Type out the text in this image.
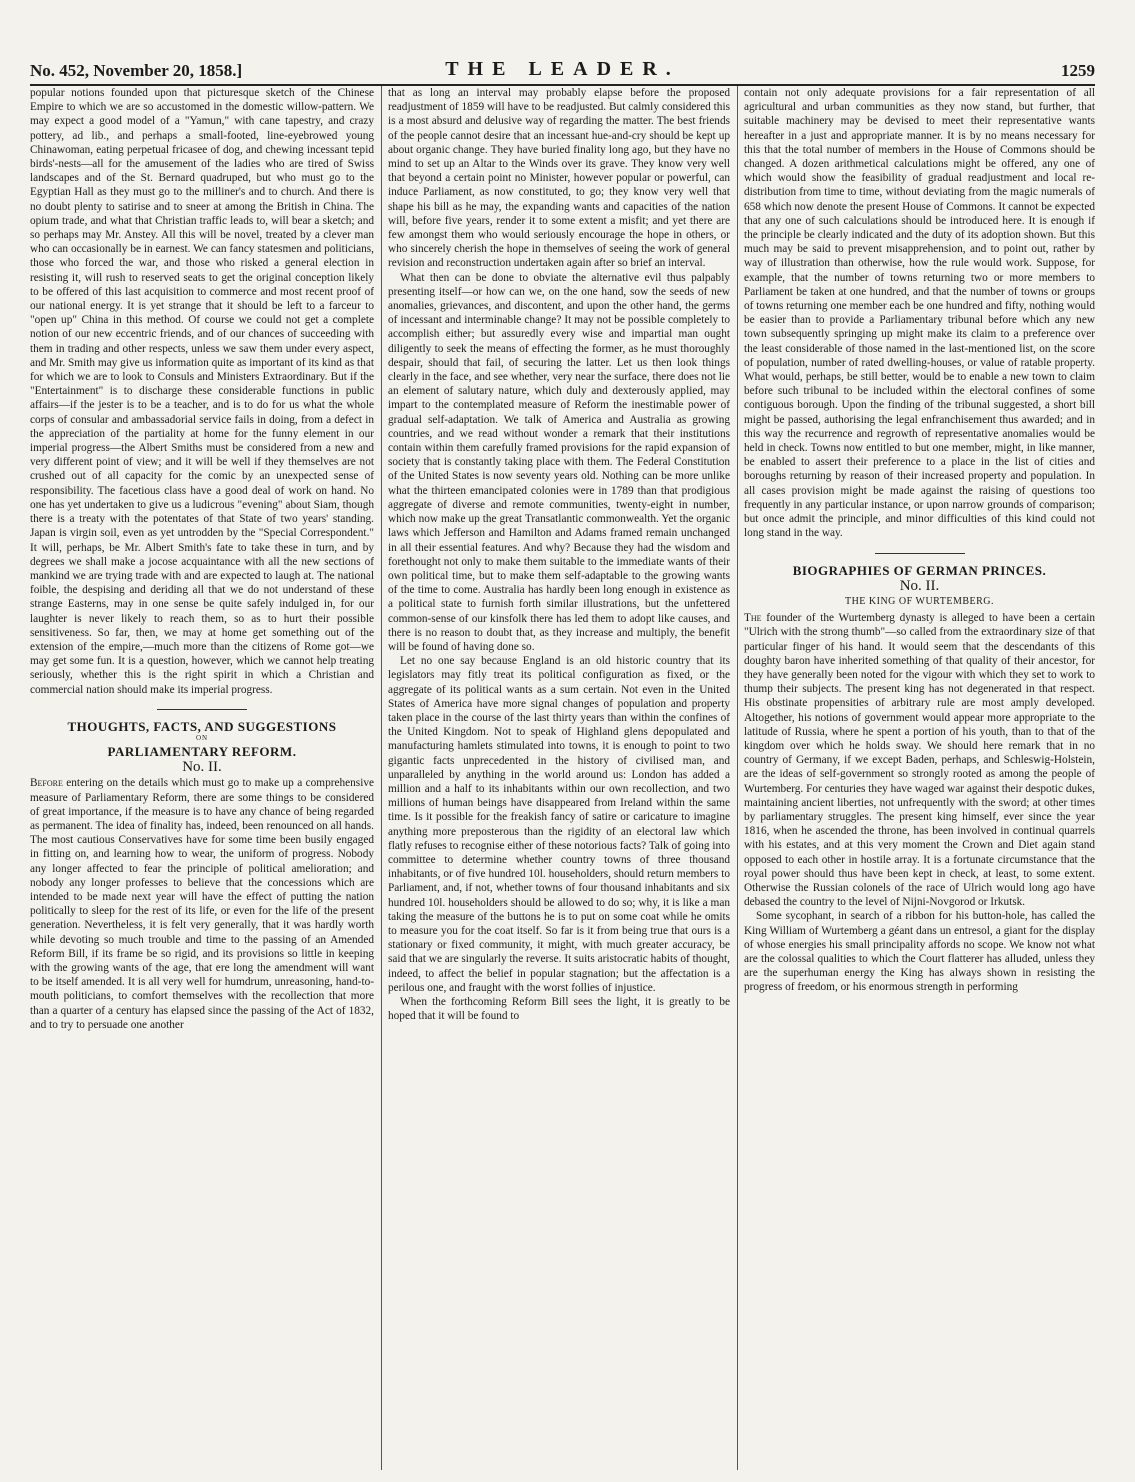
No. 452, November 20, 1858.]	THE LEADER.	1259

popular notions founded upon that picturesque sketch of the Chinese Empire to which we are so accustomed in the domestic willow-pattern. We may expect a good model of a "Yamun," with cane tapestry, and crazy pottery, ad lib., and perhaps a small-footed, line-eyebrowed young Chinawoman, eating perpetual fricasee of dog, and chewing incessant tepid birds'-nests—all for the amusement of the ladies who are tired of Swiss landscapes and of the St. Bernard quadruped, but who must go to the Egyptian Hall as they must go to the milliner's and to church. And there is no doubt plenty to satirise and to sneer at among the British in China. The opium trade, and what that Christian traffic leads to, will bear a sketch; and so perhaps may Mr. Anstey. All this will be novel, treated by a clever man who can occasionally be in earnest. We can fancy statesmen and politicians, those who forced the war, and those who risked a general election in resisting it, will rush to reserved seats to get the original conception likely to be offered of this last acquisition to commerce and most recent proof of our national energy. It is yet strange that it should be left to a farceur to "open up" China in this method. Of course we could not get a complete notion of our new eccentric friends, and of our chances of succeeding with them in trading and other respects, unless we saw them under every aspect, and Mr. Smith may give us information quite as important of its kind as that for which we are to look to Consuls and Ministers Extraordinary. But if the "Entertainment" is to discharge these considerable functions in public affairs—if the jester is to be a teacher, and is to do for us what the whole corps of consular and ambassadorial service fails in doing, from a defect in the appreciation of the partiality at home for the funny element in our imperial progress—the Albert Smiths must be considered from a new and very different point of view; and it will be well if they themselves are not crushed out of all capacity for the comic by an unexpected sense of responsibility. The facetious class have a good deal of work on hand. No one has yet undertaken to give us a ludicrous "evening" about Siam, though there is a treaty with the potentates of that State of two years' standing. Japan is virgin soil, even as yet untrodden by the "Special Correspondent." It will, perhaps, be Mr. Albert Smith's fate to take these in turn, and by degrees we shall make a jocose acquaintance with all the new sections of mankind we are trying trade with and are expected to laugh at. The national foible, the despising and deriding all that we do not understand of these strange Easterns, may in one sense be quite safely indulged in, for our laughter is never likely to reach them, so as to hurt their possible sensitiveness. So far, then, we may at home get something out of the extension of the empire,—much more than the citizens of Rome got—we may get some fun. It is a question, however, which we cannot help treating seriously, whether this is the right spirit in which a Christian and commercial nation should make its imperial progress.

THOUGHTS, FACTS, AND SUGGESTIONS
ON
PARLIAMENTARY REFORM.
No. II.

Before entering on the details which must go to make up a comprehensive measure of Parliamentary Reform, there are some things to be considered of great importance, if the measure is to have any chance of being regarded as permanent. The idea of finality has, indeed, been renounced on all hands. The most cautious Conservatives have for some time been busily engaged in fitting on, and learning how to wear, the uniform of progress. Nobody any longer affected to fear the principle of political amelioration; and nobody any longer professes to believe that the concessions which are intended to be made next year will have the effect of putting the nation politically to sleep for the rest of its life, or even for the life of the present generation. Nevertheless, it is felt very generally, that it was hardly worth while devoting so much trouble and time to the passing of an Amended Reform Bill, if its frame be so rigid, and its provisions so little in keeping with the growing wants of the age, that ere long the amendment will want to be itself amended. It is all very well for humdrum, unreasoning, hand-to-mouth politicians, to comfort themselves with the recollection that more than a quarter of a century has elapsed since the passing of the Act of 1832, and to try to persuade one another

that as long an interval may probably elapse before the proposed readjustment of 1859 will have to be readjusted. But calmly considered this is a most absurd and delusive way of regarding the matter. The best friends of the people cannot desire that an incessant hue-and-cry should be kept up about organic change. They have buried finality long ago, but they have no mind to set up an Altar to the Winds over its grave. They know very well that beyond a certain point no Minister, however popular or powerful, can induce Parliament, as now constituted, to go; they know very well that shape his bill as he may, the expanding wants and capacities of the nation will, before five years, render it to some extent a misfit; and yet there are few amongst them who would seriously encourage the hope in others, or who sincerely cherish the hope in themselves of seeing the work of general revision and reconstruction undertaken again after so brief an interval.

What then can be done to obviate the alternative evil thus palpably presenting itself—or how can we, on the one hand, sow the seeds of new anomalies, grievances, and discontent, and upon the other hand, the germs of incessant and interminable change? It may not be possible completely to accomplish either; but assuredly every wise and impartial man ought diligently to seek the means of effecting the former, as he must thoroughly despair, should that fail, of securing the latter. Let us then look things clearly in the face, and see whether, very near the surface, there does not lie an element of salutary nature, which duly and dexterously applied, may impart to the contemplated measure of Reform the inestimable power of gradual self-adaptation. We talk of America and Australia as growing countries, and we read without wonder a remark that their institutions contain within them carefully framed provisions for the rapid expansion of society that is constantly taking place with them. The Federal Constitution of the United States is now seventy years old. Nothing can be more unlike what the thirteen emancipated colonies were in 1789 than that prodigious aggregate of diverse and remote communities, twenty-eight in number, which now make up the great Transatlantic commonwealth. Yet the organic laws which Jefferson and Hamilton and Adams framed remain unchanged in all their essential features. And why? Because they had the wisdom and forethought not only to make them suitable to the immediate wants of their own political time, but to make them self-adaptable to the growing wants of the time to come. Australia has hardly been long enough in existence as a political state to furnish forth similar illustrations, but the unfettered common-sense of our kinsfolk there has led them to adopt like causes, and there is no reason to doubt that, as they increase and multiply, the benefit will be found of having done so.

Let no one say because England is an old historic country that its legislators may fitly treat its political configuration as fixed, or the aggregate of its political wants as a sum certain. Not even in the United States of America have more signal changes of population and property taken place in the course of the last thirty years than within the confines of the United Kingdom. Not to speak of Highland glens depopulated and manufacturing hamlets stimulated into towns, it is enough to point to two gigantic facts unprecedented in the history of civilised man, and unparalleled by anything in the world around us: London has added a million and a half to its inhabitants within our own recollection, and two millions of human beings have disappeared from Ireland within the same time. Is it possible for the freakish fancy of satire or caricature to imagine anything more preposterous than the rigidity of an electoral law which flatly refuses to recognise either of these notorious facts? Talk of going into committee to determine whether country towns of three thousand inhabitants, or of five hundred 10l. householders, should return members to Parliament, and, if not, whether towns of four thousand inhabitants and six hundred 10l. householders should be allowed to do so; why, it is like a man taking the measure of the buttons he is to put on some coat while he omits to measure you for the coat itself. So far is it from being true that ours is a stationary or fixed community, it might, with much greater accuracy, be said that we are singularly the reverse. It suits aristocratic habits of thought, indeed, to affect the belief in popular stagnation; but the affectation is a perilous one, and fraught with the worst follies of injustice.

When the forthcoming Reform Bill sees the light, it is greatly to be hoped that it will be found to

contain not only adequate provisions for a fair representation of all agricultural and urban communities as they now stand, but further, that suitable machinery may be devised to meet their representative wants hereafter in a just and appropriate manner. It is by no means necessary for this that the total number of members in the House of Commons should be changed. A dozen arithmetical calculations might be offered, any one of which would show the feasibility of gradual readjustment and local re-distribution from time to time, without deviating from the magic numerals of 658 which now denote the present House of Commons. It cannot be expected that any one of such calculations should be introduced here. It is enough if the principle be clearly indicated and the duty of its adoption shown. But this much may be said to prevent misapprehension, and to point out, rather by way of illustration than otherwise, how the rule would work. Suppose, for example, that the number of towns returning two or more members to Parliament be taken at one hundred, and that the number of towns or groups of towns returning one member each be one hundred and fifty, nothing would be easier than to provide a Parliamentary tribunal before which any new town subsequently springing up might make its claim to a preference over the least considerable of those named in the last-mentioned list, on the score of population, number of rated dwelling-houses, or value of ratable property. What would, perhaps, be still better, would be to enable a new town to claim before such tribunal to be included within the electoral confines of some contiguous borough. Upon the finding of the tribunal suggested, a short bill might be passed, authorising the legal enfranchisement thus awarded; and in this way the recurrence and regrowth of representative anomalies would be held in check. Towns now entitled to but one member, might, in like manner, be enabled to assert their preference to a place in the list of cities and boroughs returning by reason of their increased property and population. In all cases provision might be made against the raising of questions too frequently in any particular instance, or upon narrow grounds of comparison; but once admit the principle, and minor difficulties of this kind could not long stand in the way.

BIOGRAPHIES OF GERMAN PRINCES.
No. II.
THE KING OF WURTEMBERG.

The founder of the Wurtemberg dynasty is alleged to have been a certain "Ulrich with the strong thumb"—so called from the extraordinary size of that particular finger of his hand. It would seem that the descendants of this doughty baron have inherited something of that quality of their ancestor, for they have generally been noted for the vigour with which they set to work to thump their subjects. The present king has not degenerated in that respect. His obstinate propensities of arbitrary rule are most amply developed. Altogether, his notions of government would appear more appropriate to the latitude of Russia, where he spent a portion of his youth, than to that of the kingdom over which he holds sway. We should here remark that in no country of Germany, if we except Baden, perhaps, and Schleswig-Holstein, are the ideas of self-government so strongly rooted as among the people of Wurtemberg. For centuries they have waged war against their despotic dukes, maintaining ancient liberties, not unfrequently with the sword; at other times by parliamentary struggles. The present king himself, ever since the year 1816, when he ascended the throne, has been involved in continual quarrels with his estates, and at this very moment the Crown and Diet again stand opposed to each other in hostile array. It is a fortunate circumstance that the royal power should thus have been kept in check, at least, to some extent. Otherwise the Russian colonels of the race of Ulrich would long ago have debased the country to the level of Nijni-Novgorod or Irkutsk.

Some sycophant, in search of a ribbon for his button-hole, has called the King William of Wurtemberg a géant dans un entresol, a giant for the display of whose energies his small principality affords no scope. We know not what are the colossal qualities to which the Court flatterer has alluded, unless they are the superhuman energy the King has always shown in resisting the progress of freedom, or his enormous strength in performing
